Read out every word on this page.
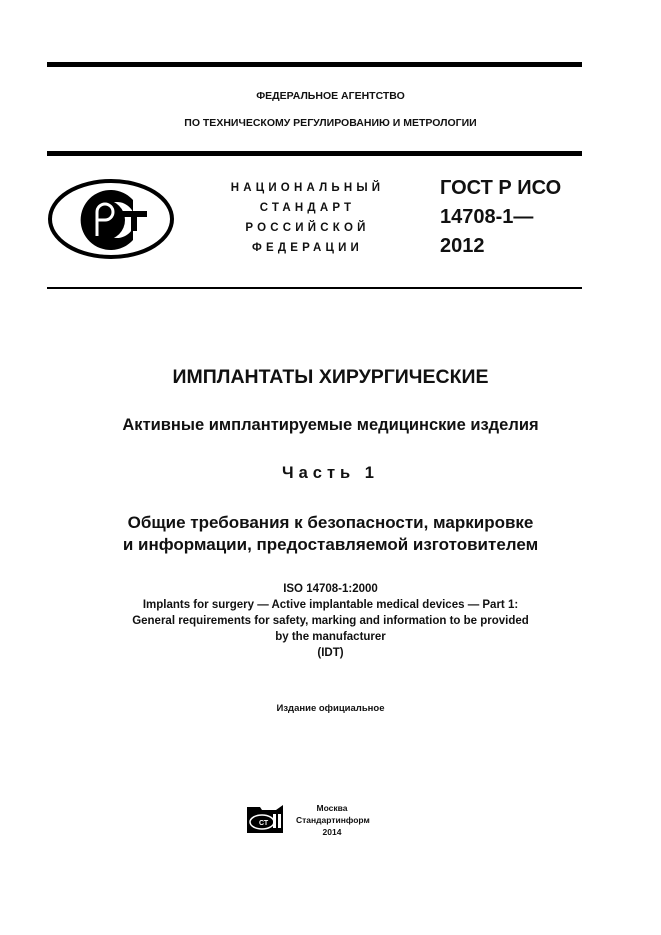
ФЕДЕРАЛЬНОЕ АГЕНТСТВО
ПО ТЕХНИЧЕСКОМУ РЕГУЛИРОВАНИЮ И МЕТРОЛОГИИ
НАЦИОНАЛЬНЫЙ
СТАНДАРТ
РОССИЙСКОЙ
ФЕДЕРАЦИИ
ГОСТ Р ИСО
14708-1—
2012
ИМПЛАНТАТЫ ХИРУРГИЧЕСКИЕ
Активные имплантируемые медицинские изделия
Часть 1
Общие требования к безопасности, маркировке
и информации, предоставляемой изготовителем
ISO 14708-1:2000
Implants for surgery — Active implantable medical devices — Part 1:
General requirements for safety, marking and information to be provided
by the manufacturer
(IDT)
Издание официальное
СТ
Москва
Стандартинформ
2014
